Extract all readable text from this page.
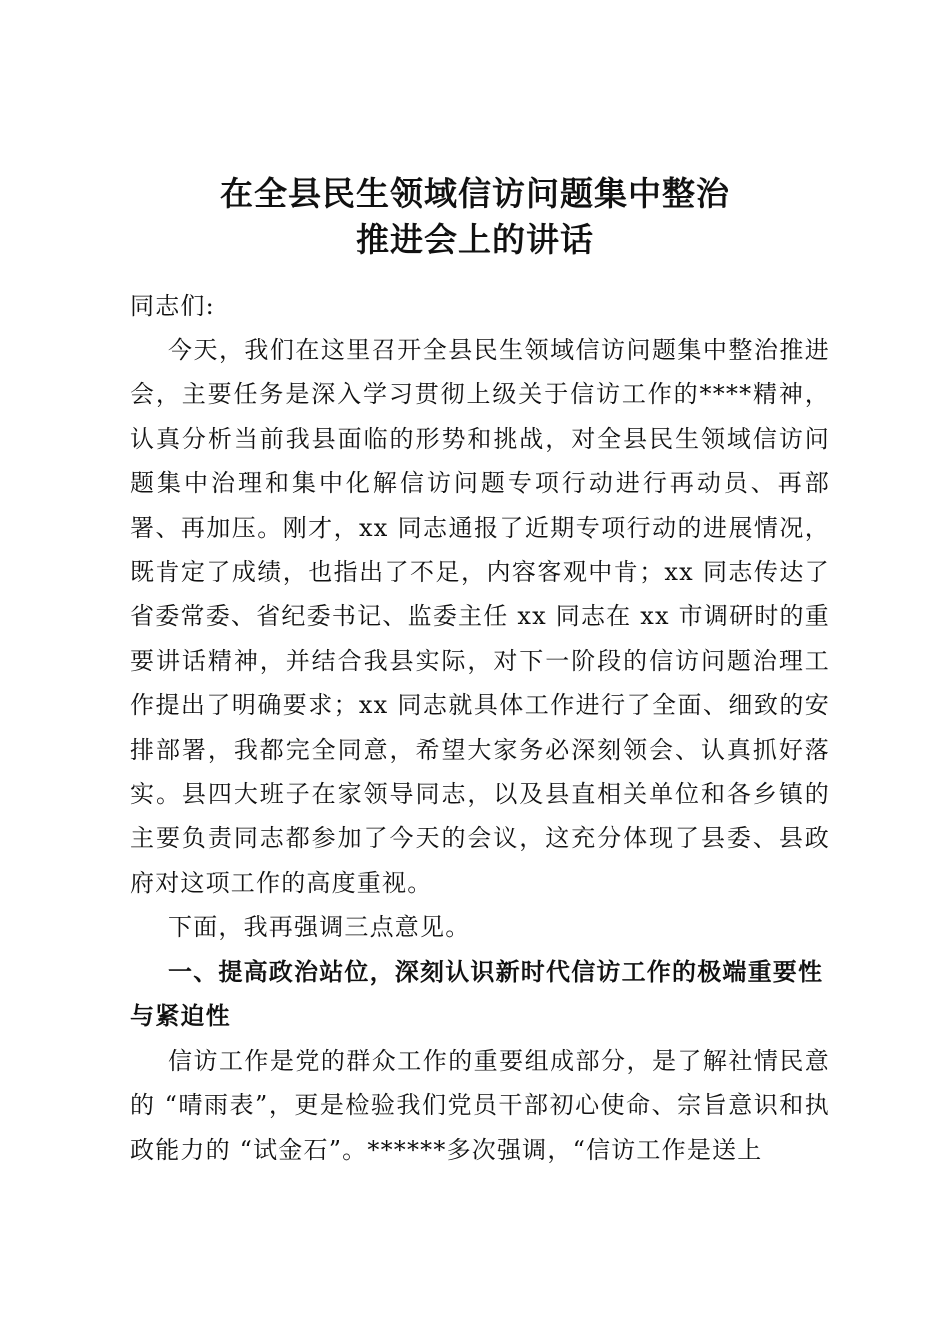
在全县民生领域信访问题集中整治
推进会上的讲话
同志们:

今天，我们在这里召开全县民生领域信访问题集中整治推进会，主要任务是深入学习贯彻上级关于信访工作的****精神，认真分析当前我县面临的形势和挑战，对全县民生领域信访问题集中治理和集中化解信访问题专项行动进行再动员、再部署、再加压。刚才，xx 同志通报了近期专项行动的进展情况，既肯定了成绩，也指出了不足，内容客观中肯；xx 同志传达了省委常委、省纪委书记、监委主任 xx 同志在 xx 市调研时的重要讲话精神，并结合我县实际，对下一阶段的信访问题治理工作提出了明确要求；xx 同志就具体工作进行了全面、细致的安排部署，我都完全同意，希望大家务必深刻领会、认真抓好落实。县四大班子在家领导同志，以及县直相关单位和各乡镇的主要负责同志都参加了今天的会议，这充分体现了县委、县政府对这项工作的高度重视。

下面，我再强调三点意见。

一、提高政治站位，深刻认识新时代信访工作的极端重要性与紧迫性

信访工作是党的群众工作的重要组成部分，是了解社情民意的 “晴雨表”，更是检验我们党员干部初心使命、宗旨意识和执政能力的 “试金石”。******多次强调，“信访工作是送上
